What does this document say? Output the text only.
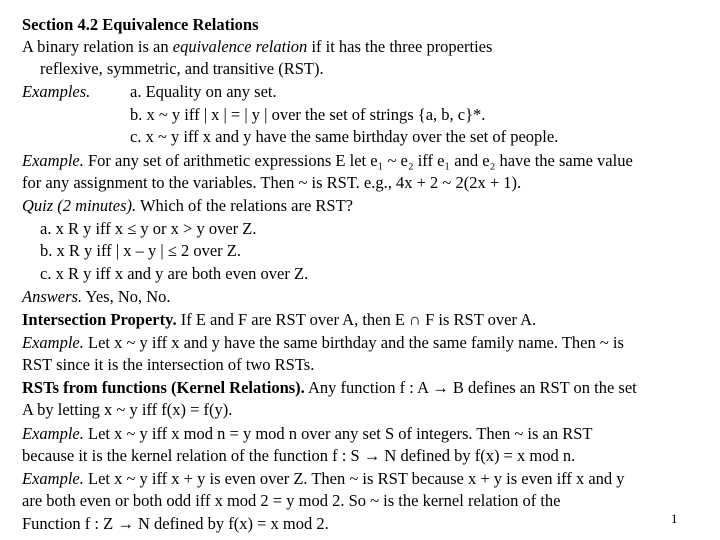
Section 4.2 Equivalence Relations
A binary relation is an equivalence relation if it has the three properties
reflexive, symmetric, and transitive (RST).
Examples. a. Equality on any set.
b. x ~ y iff | x | = | y | over the set of strings {a, b, c}*.
c. x ~ y iff x and y have the same birthday over the set of people.
Example. For any set of arithmetic expressions E let e₁ ~ e₂ iff e₁ and e₂ have the same value
for any assignment to the variables. Then ~ is RST. e.g., 4x + 2 ~ 2(2x + 1).
Quiz (2 minutes). Which of the relations are RST?
a. x R y iff x ≤ y or x > y over Z.
b. x R y iff | x – y | ≤ 2 over Z.
c. x R y iff x and y are both even over Z.
Answers. Yes, No, No.
Intersection Property. If E and F are RST over A, then E ∩ F is RST over A.
Example. Let x ~ y iff x and y have the same birthday and the same family name. Then ~ is
RST since it is the intersection of two RSTs.
RSTs from functions (Kernel Relations). Any function f : A → B defines an RST on the set
A by letting x ~ y iff f(x) = f(y).
Example. Let x ~ y iff x mod n = y mod n over any set S of integers. Then ~ is an RST
because it is the kernel relation of the function f : S → N defined by f(x) = x mod n.
Example. Let x ~ y iff x + y is even over Z. Then ~ is RST because x + y is even iff x and y
are both even or both odd iff x mod 2 = y mod 2. So ~ is the kernel relation of the
Function f : Z → N defined by f(x) = x mod 2.	1
